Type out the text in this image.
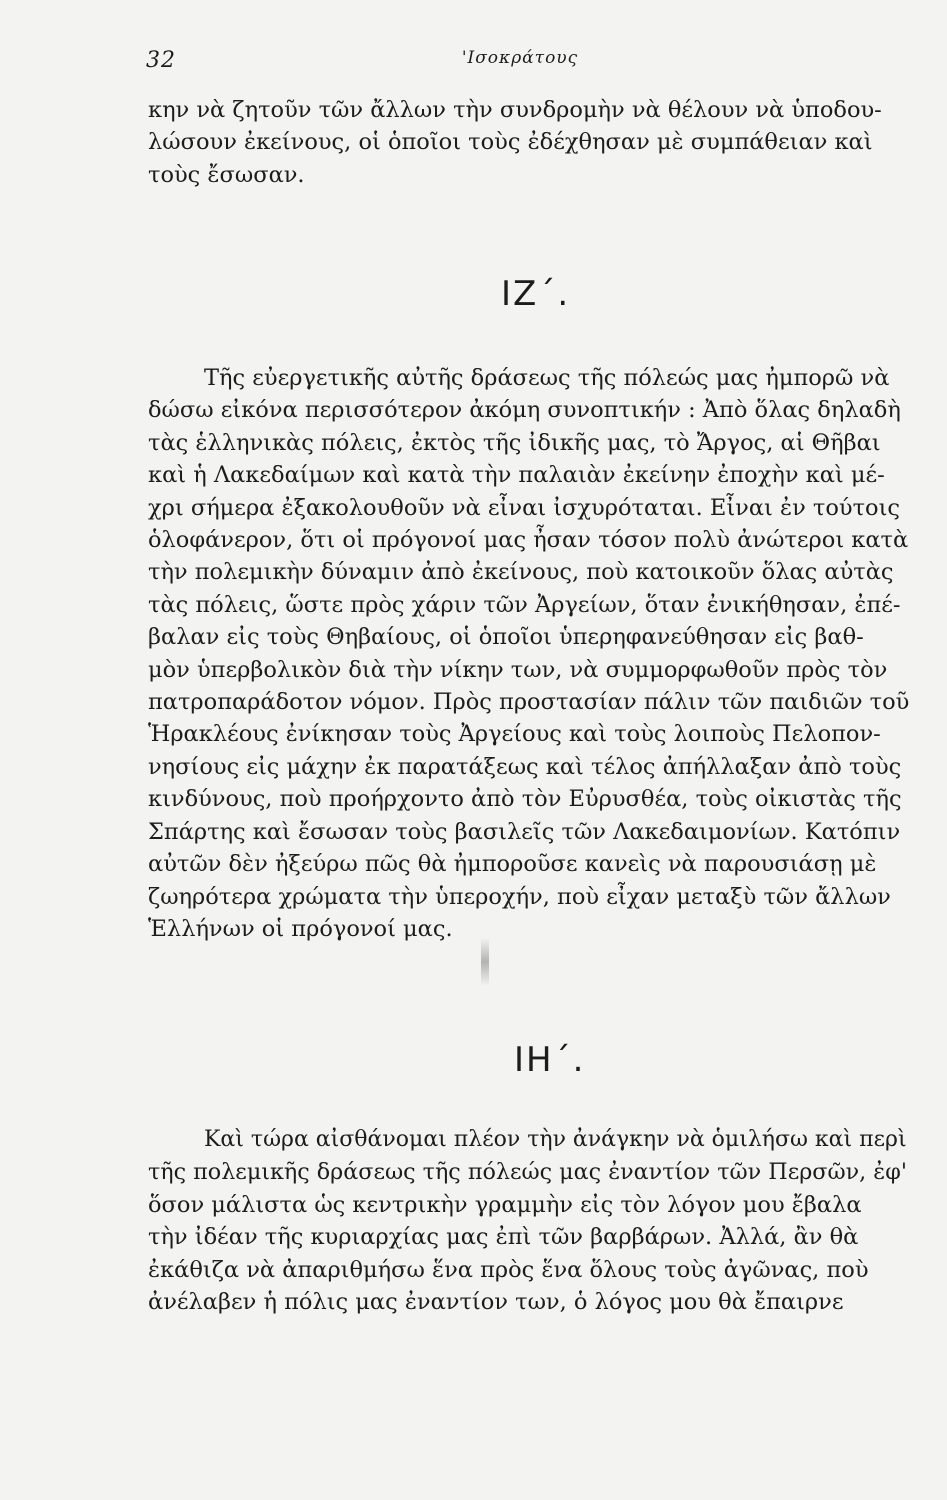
32	'Ισοκράτους

κην νὰ ζητοῦν τῶν ἄλλων τὴν συνδρομὴν νὰ θέλουν νὰ ὑποδου-
λώσουν ἐκείνους, οἱ ὁποῖοι τοὺς ἐδέχθησαν μὲ συμπάθειαν καὶ
τοὺς ἔσωσαν.

ΙΖ΄.

Τῆς εὐεργετικῆς αὐτῆς δράσεως τῆς πόλεώς μας ἠμπορῶ νὰ
δώσω εἰκόνα περισσότερον ἀκόμη συνοπτικήν : Ἀπὸ ὅλας δηλαδὴ
τὰς ἑλληνικὰς πόλεις, ἐκτὸς τῆς ἰδικῆς μας, τὸ Ἄργος, αἱ Θῆβαι
καὶ ἡ Λακεδαίμων καὶ κατὰ τὴν παλαιὰν ἐκείνην ἐποχὴν καὶ μέ-
χρι σήμερα ἐξακολουθοῦν νὰ εἶναι ἰσχυρόταται. Εἶναι ἐν τούτοις
ὁλοφάνερον, ὅτι οἱ πρόγονοί μας ἦσαν τόσον πολὺ ἀνώτεροι κατὰ
τὴν πολεμικὴν δύναμιν ἀπὸ ἐκείνους, ποὺ κατοικοῦν ὅλας αὐτὰς
τὰς πόλεις, ὥστε πρὸς χάριν τῶν Ἀργείων, ὅταν ἐνικήθησαν, ἐπέ-
βαλαν εἰς τοὺς Θηβαίους, οἱ ὁποῖοι ὑπερηφανεύθησαν εἰς βαθ-
μὸν ὑπερβολικὸν διὰ τὴν νίκην των, νὰ συμμορφωθοῦν πρὸς τὸν
πατροπαράδοτον νόμον. Πρὸς προστασίαν πάλιν τῶν παιδιῶν τοῦ
Ἡρακλέους ἐνίκησαν τοὺς Ἀργείους καὶ τοὺς λοιποὺς Πελοπον-
νησίους εἰς μάχην ἐκ παρατάξεως καὶ τέλος ἀπήλλαξαν ἀπὸ τοὺς
κινδύνους, ποὺ προήρχοντο ἀπὸ τὸν Εὐρυσθέα, τοὺς οἰκιστὰς τῆς
Σπάρτης καὶ ἔσωσαν τοὺς βασιλεῖς τῶν Λακεδαιμονίων. Κατόπιν
αὐτῶν δὲν ἠξεύρω πῶς θὰ ἠμποροῦσε κανεὶς νὰ παρουσιάσῃ μὲ
ζωηρότερα χρώματα τὴν ὑπεροχήν, ποὺ εἶχαν μεταξὺ τῶν ἄλλων
Ἑλλήνων οἱ πρόγονοί μας.

ΙΗ΄.

Καὶ τώρα αἰσθάνομαι πλέον τὴν ἀνάγκην νὰ ὁμιλήσω καὶ περὶ
τῆς πολεμικῆς δράσεως τῆς πόλεώς μας ἐναντίον τῶν Περσῶν, ἐφ'
ὅσον μάλιστα ὡς κεντρικὴν γραμμὴν εἰς τὸν λόγον μου ἔβαλα
τὴν ἰδέαν τῆς κυριαρχίας μας ἐπὶ τῶν βαρβάρων. Ἀλλά, ἂν θὰ
ἐκάθιζα νὰ ἀπαριθμήσω ἕνα πρὸς ἕνα ὅλους τοὺς ἀγῶνας, ποὺ
ἀνέλαβεν ἡ πόλις μας ἐναντίον των, ὁ λόγος μου θὰ ἔπαιρνε
